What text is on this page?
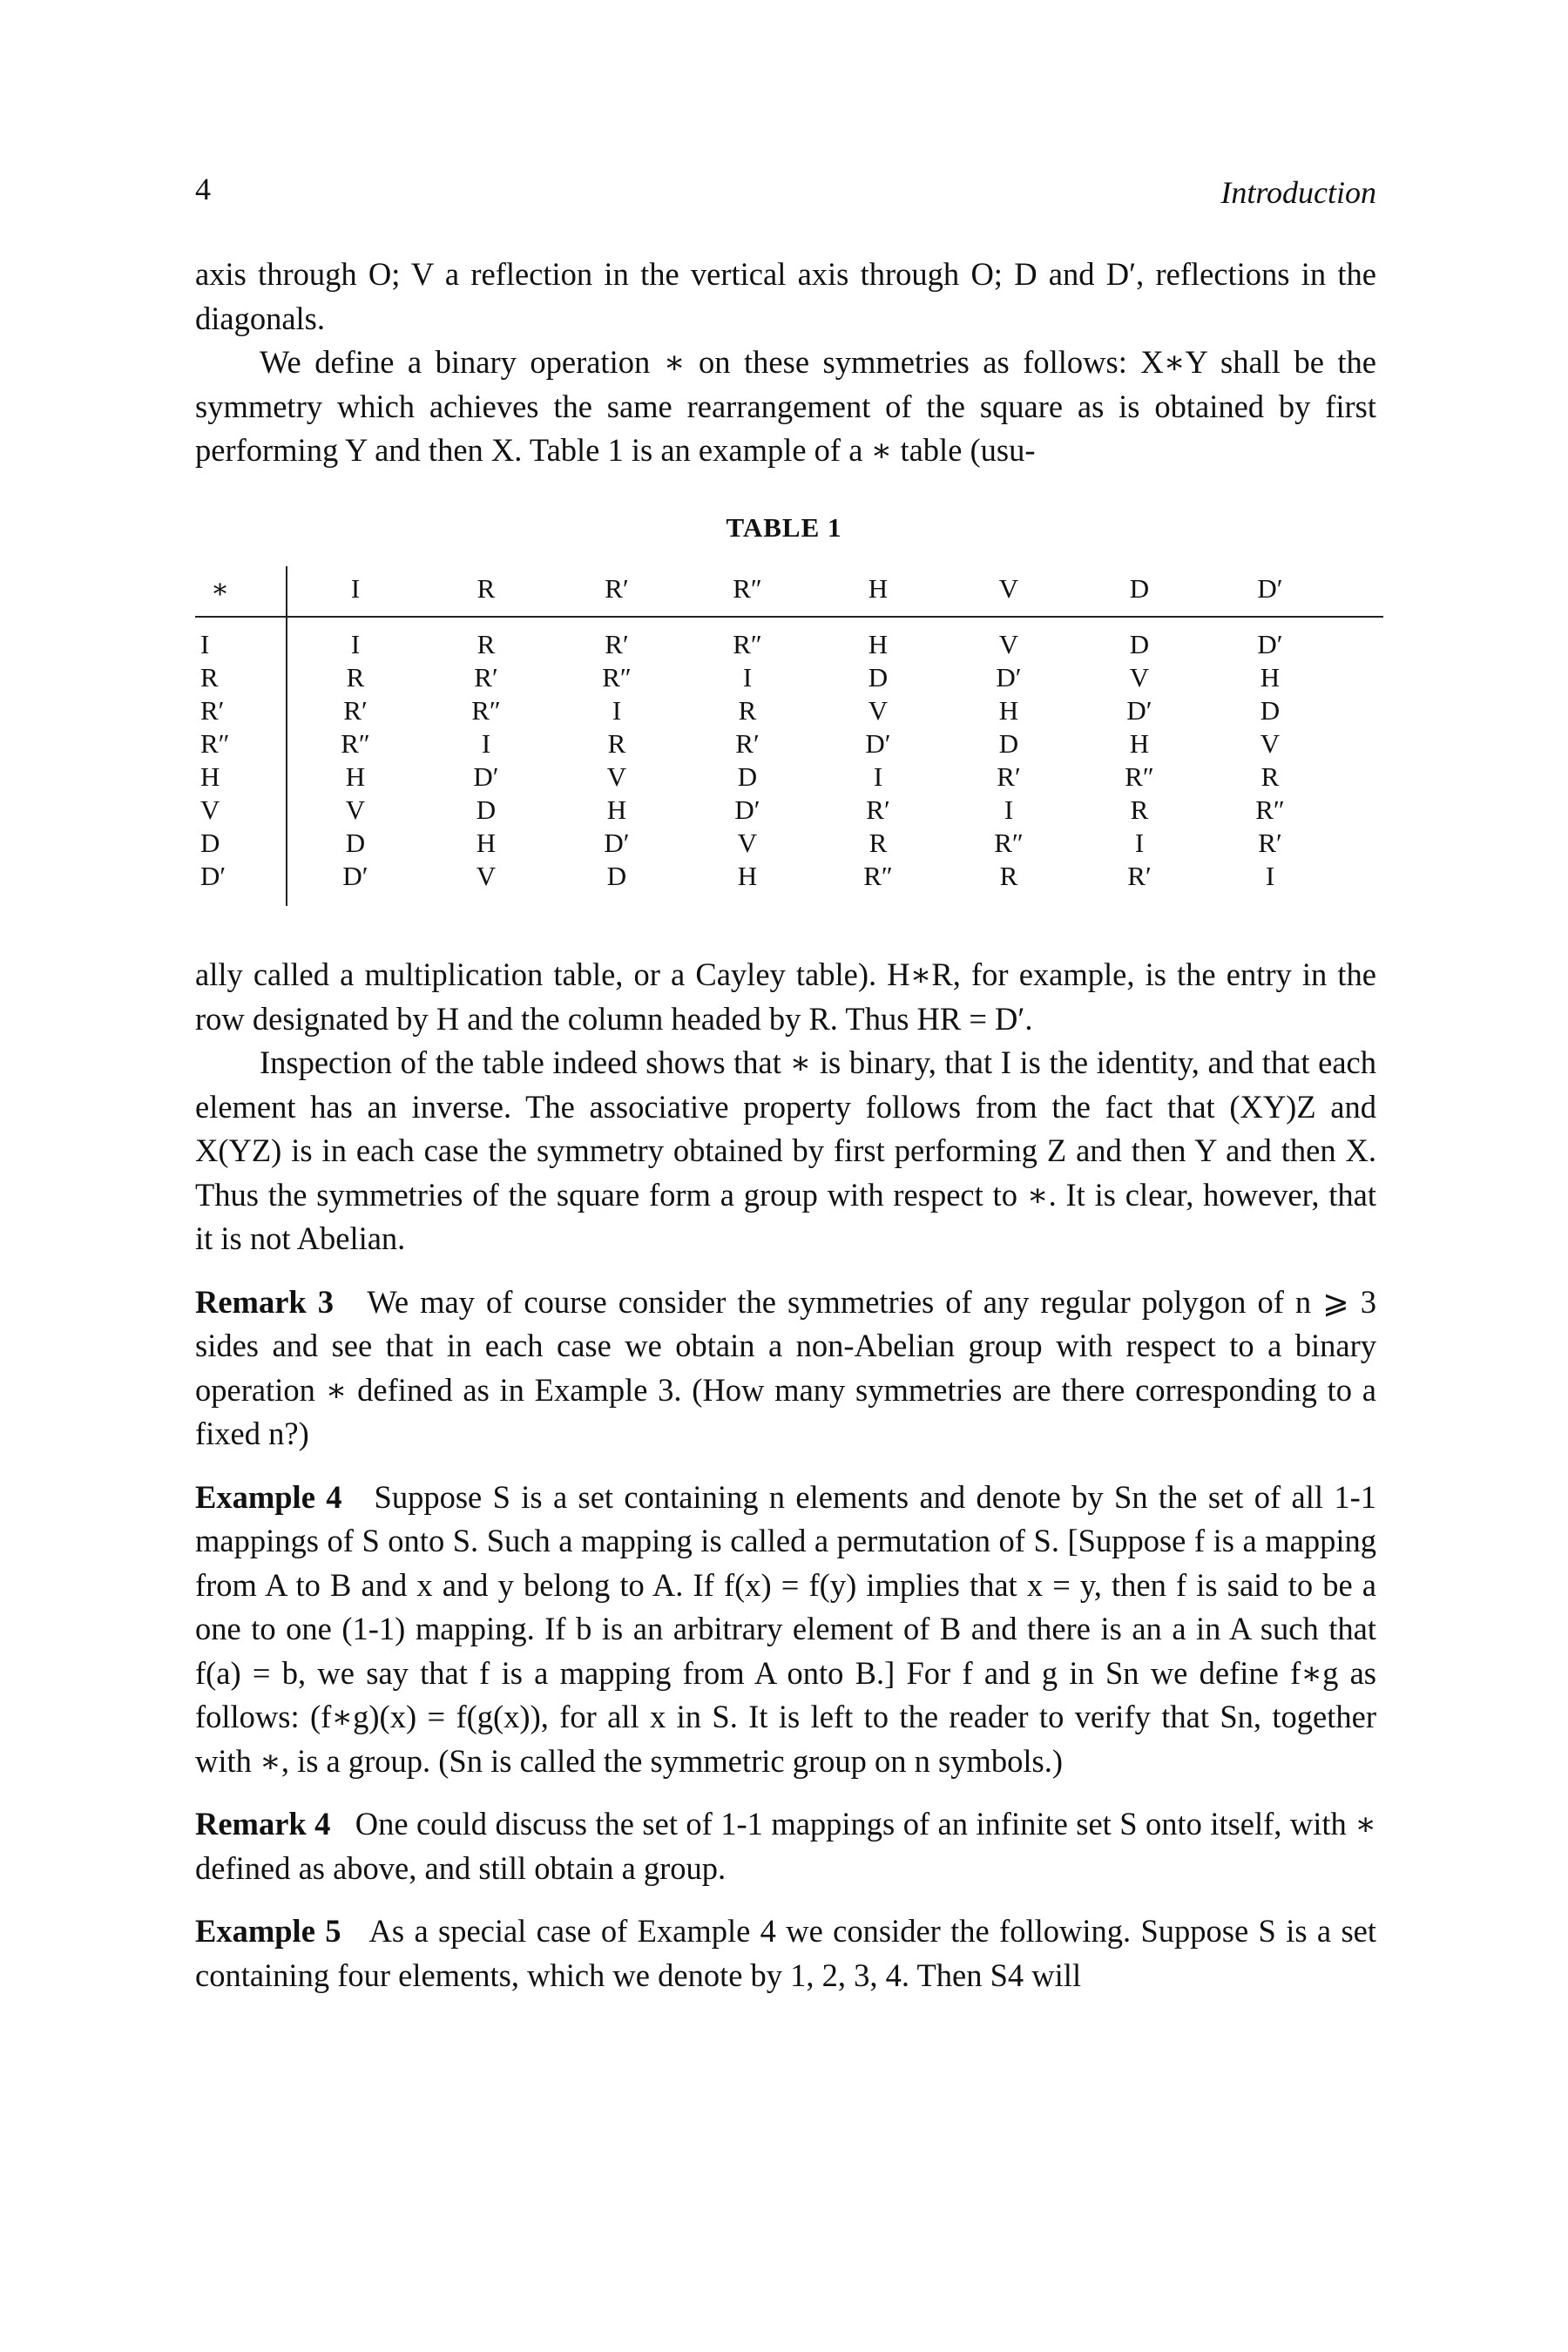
4	Introduction

axis through O; V a reflection in the vertical axis through O; D and D′, reflections in the diagonals.

We define a binary operation ∗ on these symmetries as follows: X∗Y shall be the symmetry which achieves the same rearrangement of the square as is obtained by first performing Y and then X. Table 1 is an example of a ∗ table (usu-

TABLE 1
∗	I	R	R′	R″	H	V	D	D′
I	I	R	R′	R″	H	V	D	D′
R	R	R′	R″	I	D	D′	V	H
R′	R′	R″	I	R	V	H	D′	D
R″	R″	I	R	R′	D′	D	H	V
H	H	D′	V	D	I	R′	R″	R
V	V	D	H	D′	R′	I	R	R″
D	D	H	D′	V	R	R″	I	R′
D′	D′	V	D	H	R″	R	R′	I

ally called a multiplication table, or a Cayley table). H∗R, for example, is the entry in the row designated by H and the column headed by R. Thus HR = D′.

Inspection of the table indeed shows that ∗ is binary, that I is the identity, and that each element has an inverse. The associative property follows from the fact that (XY)Z and X(YZ) is in each case the symmetry obtained by first performing Z and then Y and then X. Thus the symmetries of the square form a group with respect to ∗. It is clear, however, that it is not Abelian.

Remark 3 We may of course consider the symmetries of any regular polygon of n ⩾ 3 sides and see that in each case we obtain a non-Abelian group with respect to a binary operation ∗ defined as in Example 3. (How many symmetries are there corresponding to a fixed n?)

Example 4 Suppose S is a set containing n elements and denote by Sn the set of all 1-1 mappings of S onto S. Such a mapping is called a permutation of S. [Suppose f is a mapping from A to B and x and y belong to A. If f(x) = f(y) implies that x = y, then f is said to be a one to one (1-1) mapping. If b is an arbitrary element of B and there is an a in A such that f(a) = b, we say that f is a mapping from A onto B.] For f and g in Sn we define f∗g as follows: (f∗g)(x) = f(g(x)), for all x in S. It is left to the reader to verify that Sn, together with ∗, is a group. (Sn is called the symmetric group on n symbols.)

Remark 4 One could discuss the set of 1-1 mappings of an infinite set S onto itself, with ∗ defined as above, and still obtain a group.

Example 5 As a special case of Example 4 we consider the following. Suppose S is a set containing four elements, which we denote by 1, 2, 3, 4. Then S4 will
